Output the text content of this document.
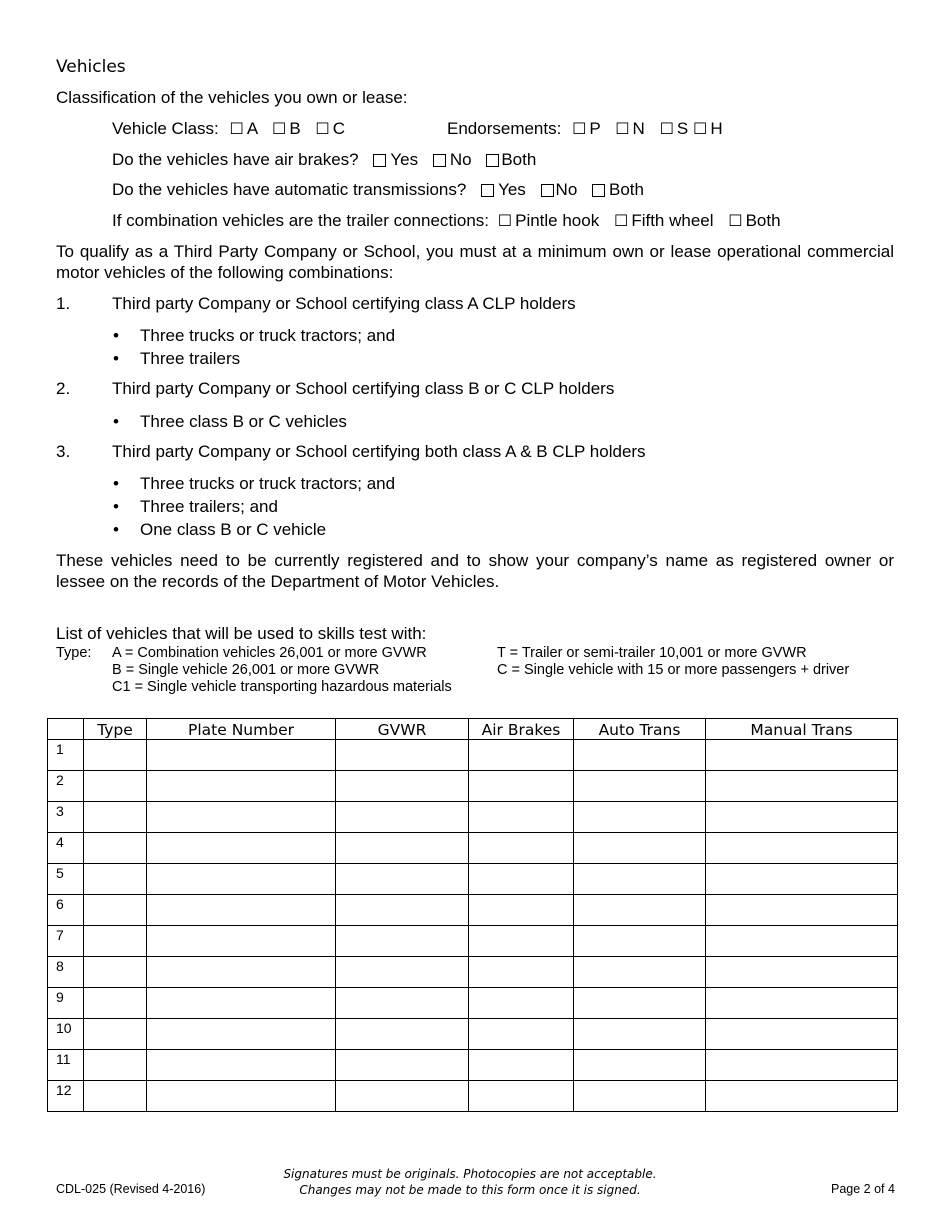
Vehicles
Classification of the vehicles you own or lease:
Vehicle Class: ☐ A ☐ B ☐ C	Endorsements: ☐ P ☐ N ☐ S ☐ H
Do the vehicles have air brakes? Yes No Both
Do the vehicles have automatic transmissions? Yes No Both
If combination vehicles are the trailer connections: ☐ Pintle hook ☐ Fifth wheel ☐ Both
To qualify as a Third Party Company or School, you must at a minimum own or lease operational commercial motor vehicles of the following combinations:
1. Third party Company or School certifying class A CLP holders
• Three trucks or truck tractors; and
• Three trailers
2. Third party Company or School certifying class B or C CLP holders
• Three class B or C vehicles
3. Third party Company or School certifying both class A & B CLP holders
• Three trucks or truck tractors; and
• Three trailers; and
• One class B or C vehicle
These vehicles need to be currently registered and to show your company’s name as registered owner or lessee on the records of the Department of Motor Vehicles.
List of vehicles that will be used to skills test with:
Type: A = Combination vehicles 26,001 or more GVWR
B = Single vehicle 26,001 or more GVWR
C1 = Single vehicle transporting hazardous materials
T = Trailer or semi-trailer 10,001 or more GVWR
C = Single vehicle with 15 or more passengers + driver
	Type	Plate Number	GVWR	Air Brakes	Auto Trans	Manual Trans
1						
2						
3						
4						
5						
6						
7						
8						
9						
10						
11						
12						
CDL-025 (Revised 4-2016)
Signatures must be originals. Photocopies are not acceptable.
Changes may not be made to this form once it is signed.	Page 2 of 4
